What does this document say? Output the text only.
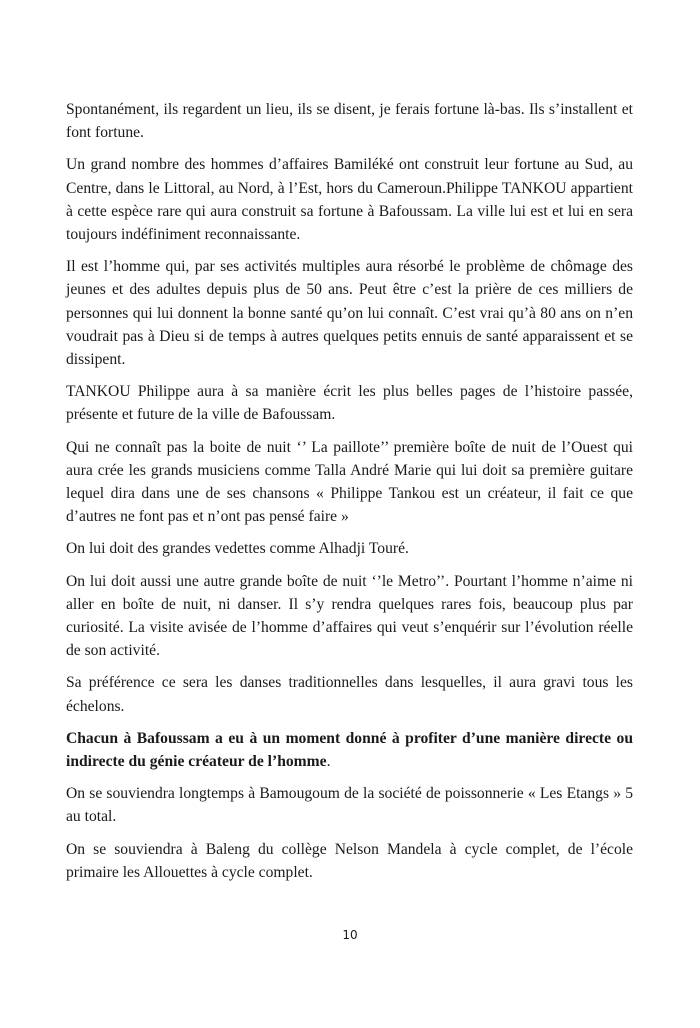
Spontanément, ils regardent un lieu, ils se disent, je ferais fortune là-bas. Ils s’installent et font fortune.

Un grand nombre des hommes d’affaires Bamiléké ont construit leur fortune au Sud, au Centre, dans le Littoral, au Nord, à l’Est, hors du Cameroun.Philippe TANKOU appartient à cette espèce rare qui aura construit sa fortune à Bafoussam. La ville lui est et lui en sera toujours indéfiniment reconnaissante.

Il est l’homme qui, par ses activités multiples aura résorbé le problème de chômage des jeunes et des adultes depuis plus de 50 ans. Peut être c’est la prière de ces milliers de personnes qui lui donnent la bonne santé qu’on lui connaît. C’est vrai qu’à 80 ans on n’en voudrait pas à Dieu si de temps à autres quelques petits ennuis de santé apparaissent et se dissipent.

TANKOU Philippe aura à sa manière écrit les plus belles pages de l’histoire passée, présente et future de la ville de Bafoussam.

Qui ne connaît pas la boite de nuit ‘’ La paillote’’ première boîte de nuit de l’Ouest qui aura crée les grands musiciens comme Talla André Marie qui lui doit sa première guitare lequel dira dans une de ses chansons « Philippe Tankou est un créateur, il fait ce que d’autres ne font pas et n’ont pas pensé faire »

On lui doit des grandes vedettes comme Alhadji Touré.

On lui doit aussi une autre grande boîte de nuit ‘’le Metro’’. Pourtant l’homme n’aime ni aller en boîte de nuit, ni danser. Il s’y rendra quelques rares fois, beaucoup plus par curiosité. La visite avisée de l’homme d’affaires qui veut s’enquérir sur l’évolution réelle de son activité.

Sa préférence ce sera les danses traditionnelles dans lesquelles, il aura gravi tous les échelons.

Chacun à Bafoussam a eu à un moment donné à profiter d’une manière directe ou indirecte du génie créateur de l’homme.

On se souviendra longtemps à Bamougoum de la société de poissonnerie « Les Etangs » 5 au total.

On se souviendra à Baleng du collège Nelson Mandela à cycle complet, de l’école primaire les Allouettes à cycle complet.

10
